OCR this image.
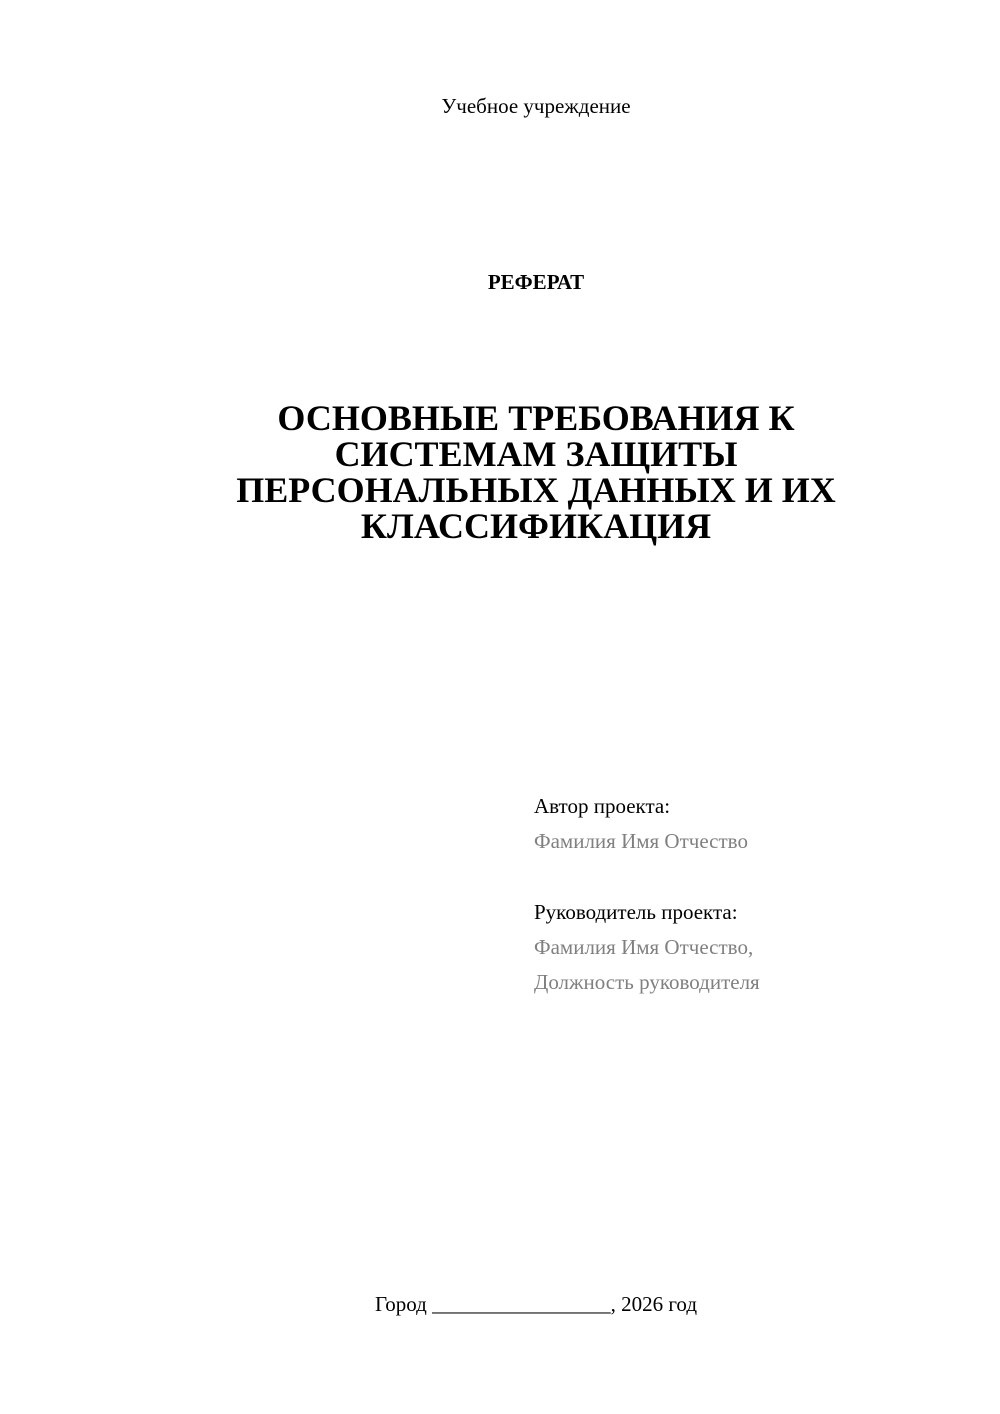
Учебное учреждение
РЕФЕРАТ
ОСНОВНЫЕ ТРЕБОВАНИЯ К
СИСТЕМАМ ЗАЩИТЫ
ПЕРСОНАЛЬНЫХ ДАННЫХ И ИХ
КЛАССИФИКАЦИЯ
Автор проекта:
Фамилия Имя Отчество
Руководитель проекта:
Фамилия Имя Отчество,
Должность руководителя
Город _________________, 2026 год
